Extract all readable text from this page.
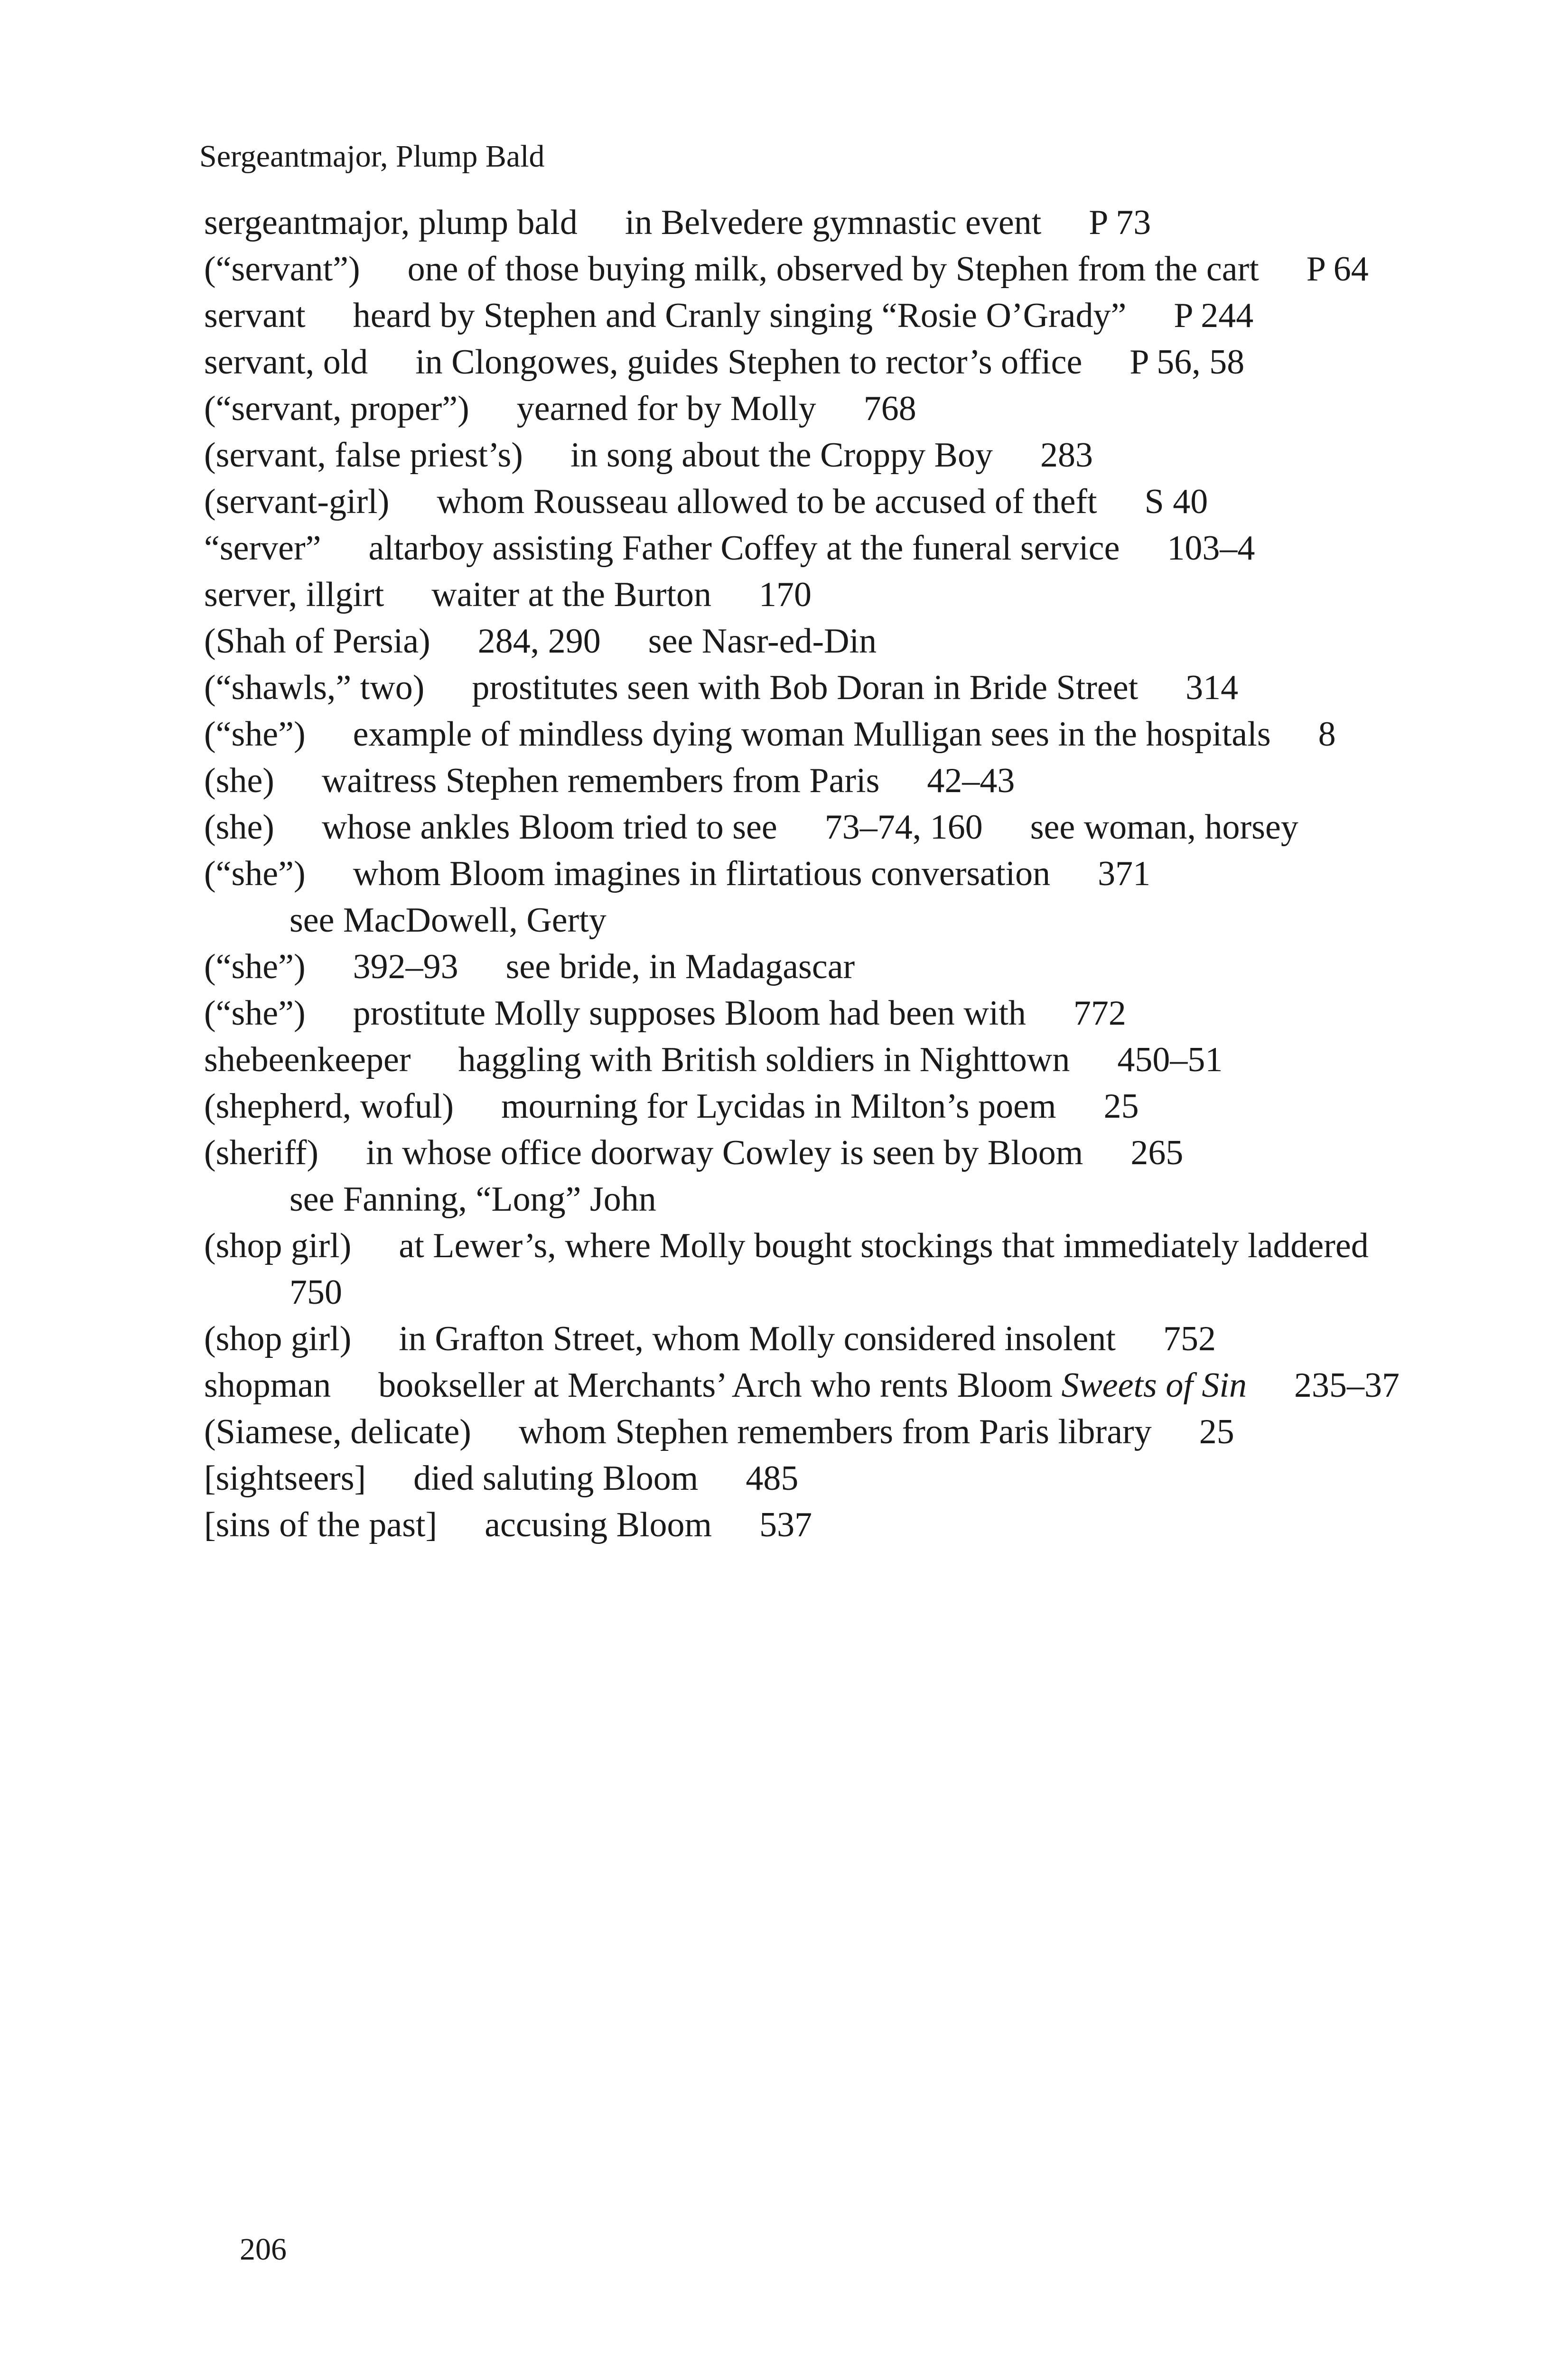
Sergeantmajor, Plump Bald

sergeantmajor, plump bald in Belvedere gymnastic event P 73

(“servant”) one of those buying milk, observed by Stephen from the cart P 64

servant heard by Stephen and Cranly singing “Rosie O’Grady” P 244

servant, old in Clongowes, guides Stephen to rector’s office P 56, 58

(“servant, proper”) yearned for by Molly 768

(servant, false priest’s) in song about the Croppy Boy 283

(servant-girl) whom Rousseau allowed to be accused of theft S 40

“server” altarboy assisting Father Coffey at the funeral service 103–4

server, illgirt waiter at the Burton 170

(Shah of Persia) 284, 290 see Nasr-ed-Din

(“shawls,” two) prostitutes seen with Bob Doran in Bride Street 314

(“she”) example of mindless dying woman Mulligan sees in the hospitals 8

(she) waitress Stephen remembers from Paris 42–43

(she) whose ankles Bloom tried to see 73–74, 160 see woman, horsey

(“she”) whom Bloom imagines in flirtatious conversation 371see MacDowell, Gerty

(“she”) 392–93 see bride, in Madagascar

(“she”) prostitute Molly supposes Bloom had been with 772

shebeenkeeper haggling with British soldiers in Nighttown 450–51

(shepherd, woful) mourning for Lycidas in Milton’s poem 25

(sheriff) in whose office doorway Cowley is seen by Bloom 265see Fanning, “Long” John

(shop girl) at Lewer’s, where Molly bought stockings that immediately laddered750

(shop girl) in Grafton Street, whom Molly considered insolent 752

shopman bookseller at Merchants’ Arch who rents Bloom Sweets of Sin 235–37

(Siamese, delicate) whom Stephen remembers from Paris library 25

[sightseers] died saluting Bloom 485

[sins of the past] accusing Bloom 537

206
